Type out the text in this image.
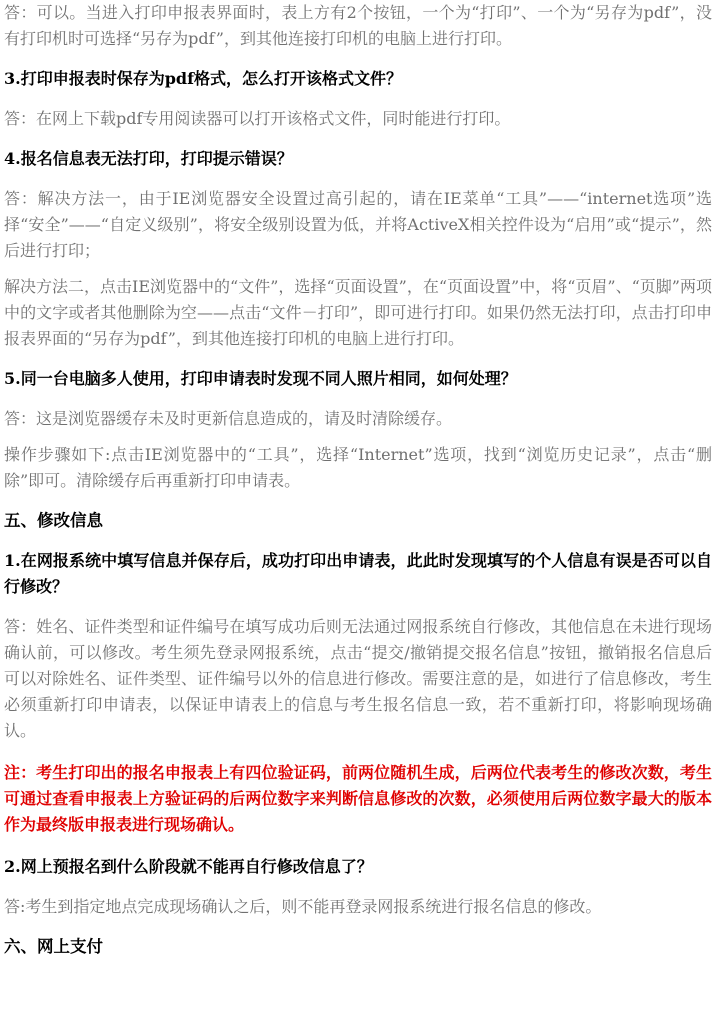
答：可以。当进入打印申报表界面时，表上方有2个按钮，一个为“打印”、一个为“另存为pdf”，没有打印机时可选择“另存为pdf”，到其他连接打印机的电脑上进行打印。

3.打印申报表时保存为pdf格式，怎么打开该格式文件？

答：在网上下载pdf专用阅读器可以打开该格式文件，同时能进行打印。

4.报名信息表无法打印，打印提示错误？

答：解决方法一，由于IE浏览器安全设置过高引起的，请在IE菜单“工具”——“internet选项”选择“安全”——“自定义级别”，将安全级别设置为低，并将ActiveX相关控件设为“启用”或“提示”，然后进行打印；

解决方法二，点击IE浏览器中的“文件”，选择“页面设置”，在“页面设置”中，将“页眉”、“页脚”两项中的文字或者其他删除为空——点击“文件－打印”，即可进行打印。如果仍然无法打印，点击打印申报表界面的“另存为pdf”，到其他连接打印机的电脑上进行打印。

5.同一台电脑多人使用，打印申请表时发现不同人照片相同，如何处理？

答：这是浏览器缓存未及时更新信息造成的，请及时清除缓存。

操作步骤如下:点击IE浏览器中的“工具”，选择“Internet”选项，找到“浏览历史记录”，点击“删除”即可。清除缓存后再重新打印申请表。

五、修改信息

1.在网报系统中填写信息并保存后，成功打印出申请表，此此时发现填写的个人信息有误是否可以自行修改？

答：姓名、证件类型和证件编号在填写成功后则无法通过网报系统自行修改，其他信息在未进行现场确认前，可以修改。考生须先登录网报系统，点击“提交/撤销提交报名信息”按钮，撤销报名信息后可以对除姓名、证件类型、证件编号以外的信息进行修改。需要注意的是，如进行了信息修改，考生必须重新打印申请表，以保证申请表上的信息与考生报名信息一致，若不重新打印，将影响现场确认。

注：考生打印出的报名申报表上有四位验证码，前两位随机生成，后两位代表考生的修改次数，考生可通过查看申报表上方验证码的后两位数字来判断信息修改的次数，必须使用后两位数字最大的版本作为最终版申报表进行现场确认。

2.网上预报名到什么阶段就不能再自行修改信息了？

答:考生到指定地点完成现场确认之后，则不能再登录网报系统进行报名信息的修改。

六、网上支付
